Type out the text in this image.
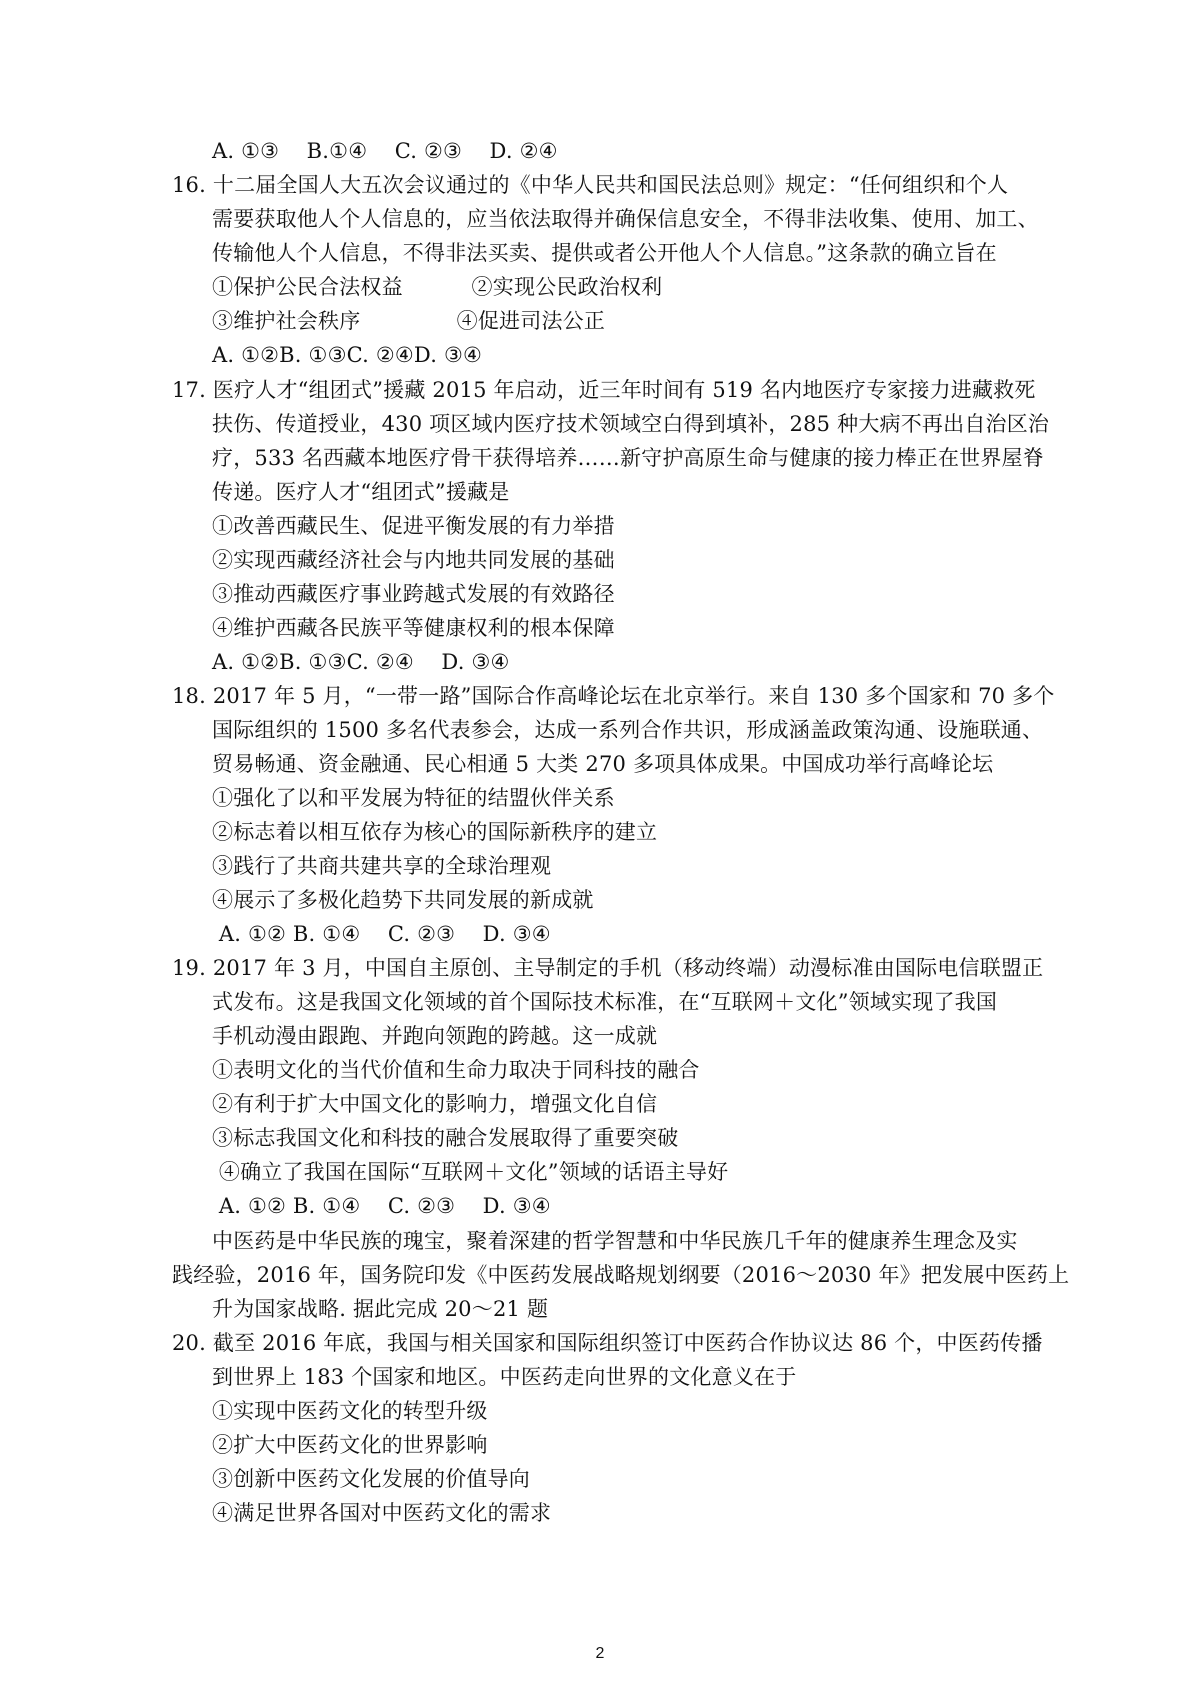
A. ①③    B.①④    C. ②③    D. ②④

16. 十二届全国人大五次会议通过的《中华人民共和国民法总则》规定：“任何组织和个人

需要获取他人个人信息的，应当依法取得并确保信息安全，不得非法收集、使用、加工、

传输他人个人信息，不得非法买卖、提供或者公开他人个人信息。”这条款的确立旨在

①保护公民合法权益          ②实现公民政治权利

③维护社会秩序              ④促进司法公正

A. ①②B. ①③C. ②④D. ③④

17. 医疗人才“组团式”援藏 2015 年启动，近三年时间有 519 名内地医疗专家接力进藏救死

扶伤、传道授业，430 项区域内医疗技术领域空白得到填补，285 种大病不再出自治区治

疗，533 名西藏本地医疗骨干获得培养……新守护高原生命与健康的接力棒正在世界屋脊

传递。医疗人才“组团式”援藏是

①改善西藏民生、促进平衡发展的有力举措

②实现西藏经济社会与内地共同发展的基础

③推动西藏医疗事业跨越式发展的有效路径

④维护西藏各民族平等健康权利的根本保障

A. ①②B. ①③C. ②④    D. ③④

18. 2017 年 5 月，“一带一路”国际合作高峰论坛在北京举行。来自 130 多个国家和 70 多个

国际组织的 1500 多名代表参会，达成一系列合作共识，形成涵盖政策沟通、设施联通、

贸易畅通、资金融通、民心相通 5 大类 270 多项具体成果。中国成功举行高峰论坛

①强化了以和平发展为特征的结盟伙伴关系

②标志着以相互依存为核心的国际新秩序的建立

③践行了共商共建共享的全球治理观

④展示了多极化趋势下共同发展的新成就

A. ①② B. ①④    C. ②③    D. ③④

19. 2017 年 3 月，中国自主原创、主导制定的手机（移动终端）动漫标准由国际电信联盟正

式发布。这是我国文化领域的首个国际技术标准，在“互联网＋文化”领域实现了我国

手机动漫由跟跑、并跑向领跑的跨越。这一成就

①表明文化的当代价值和生命力取决于同科技的融合

②有利于扩大中国文化的影响力，增强文化自信

③标志我国文化和科技的融合发展取得了重要突破

④确立了我国在国际“互联网＋文化”领域的话语主导好

A. ①② B. ①④    C. ②③    D. ③④

中医药是中华民族的瑰宝，聚着深建的哲学智慧和中华民族几千年的健康养生理念及实

践经验，2016 年，国务院印发《中医药发展战略规划纲要（2016～2030 年》把发展中医药上

升为国家战略. 据此完成 20～21 题

20. 截至 2016 年底，我国与相关国家和国际组织签订中医药合作协议达 86 个，中医药传播

到世界上 183 个国家和地区。中医药走向世界的文化意义在于

①实现中医药文化的转型升级

②扩大中医药文化的世界影响

③创新中医药文化发展的价值导向

④满足世界各国对中医药文化的需求

2
